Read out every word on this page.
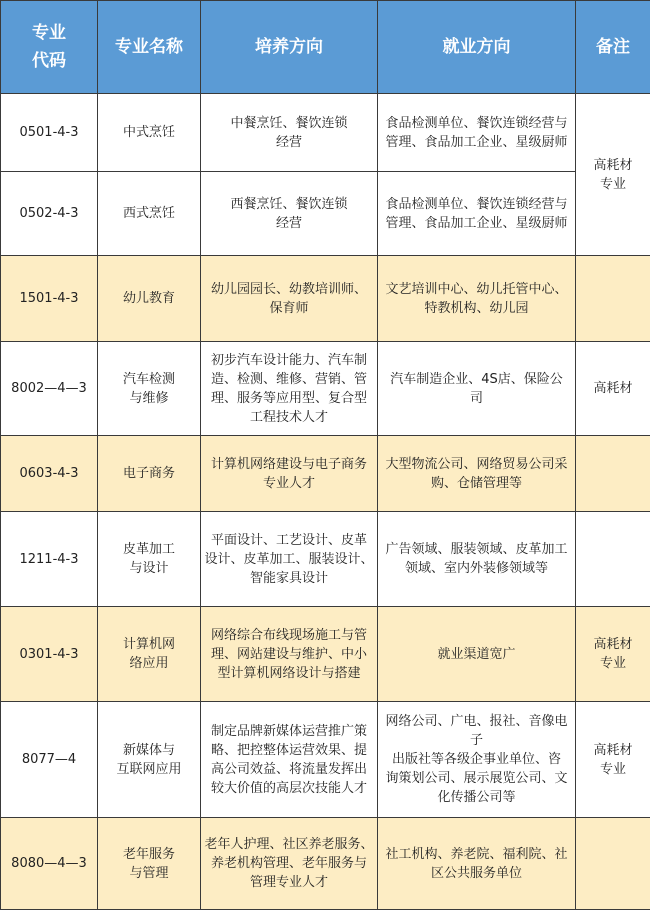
专业
代码	专业名称	培养方向	就业方向	备注

0501-4-3	中式烹饪	中餐烹饪、餐饮连锁
经营	食品检测单位、餐饮连锁经营与
管理、食品加工企业、星级厨师	高耗材
专业

0502-4-3	西式烹饪	西餐烹饪、餐饮连锁
经营	食品检测单位、餐饮连锁经营与
管理、食品加工企业、星级厨师	

1501-4-3	幼儿教育	幼儿园园长、幼教培训师、
保育师	文艺培训中心、幼儿托管中心、
特教机构、幼儿园	

8002—4—3	汽车检测
与维修	初步汽车设计能力、汽车制
造、检测、维修、营销、管
理、服务等应用型、复合型
工程技术人才	汽车制造企业、4S店、保险公
司	高耗材

0603-4-3	电子商务	计算机网络建设与电子商务
专业人才	大型物流公司、网络贸易公司采
购、仓储管理等	

1211-4-3	皮革加工
与设计	平面设计、工艺设计、皮革
设计、皮革加工、服装设计、
智能家具设计	广告领域、服装领域、皮革加工
领域、室内外装修领域等	

0301-4-3	计算机网
络应用	网络综合布线现场施工与管
理、网站建设与维护、中小
型计算机网络设计与搭建	就业渠道宽广	高耗材
专业

8077—4	新媒体与
互联网应用	制定品牌新媒体运营推广策
略、把控整体运营效果、提
高公司效益、将流量发挥出
较大价值的高层次技能人才	网络公司、广电、报社、音像电子
出版社等各级企事业单位、咨
询策划公司、展示展览公司、文
化传播公司等	高耗材
专业

8080—4—3	老年服务
与管理	老年人护理、社区养老服务、
养老机构管理、老年服务与
管理专业人才	社工机构、养老院、福利院、社
区公共服务单位	
